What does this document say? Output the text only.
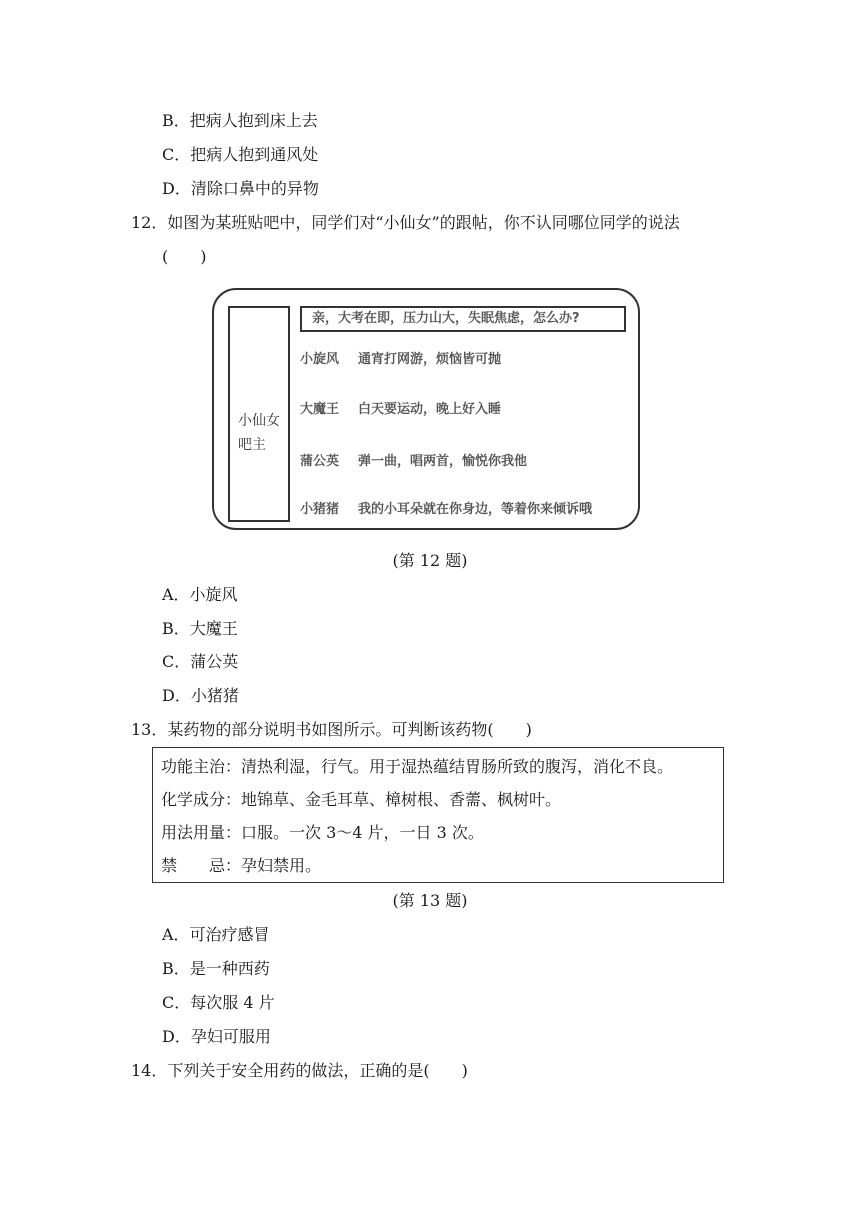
B．把病人抱到床上去
C．把病人抱到通风处
D．清除口鼻中的异物
12．如图为某班贴吧中，同学们对“小仙女”的跟帖，你不认同哪位同学的说法
(　　)
小仙女
吧主
亲，大考在即，压力山大，失眠焦虑，怎么办?
小旋风 通宵打网游，烦恼皆可抛
大魔王 白天要运动，晚上好入睡
蒲公英 弹一曲，唱两首，愉悦你我他
小猪猪 我的小耳朵就在你身边，等着你来倾诉哦
(第 12 题)
A．小旋风
B．大魔王
C．蒲公英
D．小猪猪
13．某药物的部分说明书如图所示。可判断该药物(　　)
功能主治：清热利湿，行气。用于湿热蕴结胃肠所致的腹泻，消化不良。
化学成分：地锦草、金毛耳草、樟树根、香薷、枫树叶。
用法用量：口服。一次 3～4 片，一日 3 次。
禁　　忌：孕妇禁用。
(第 13 题)
A．可治疗感冒
B．是一种西药
C．每次服 4 片
D．孕妇可服用
14．下列关于安全用药的做法，正确的是(　　)
